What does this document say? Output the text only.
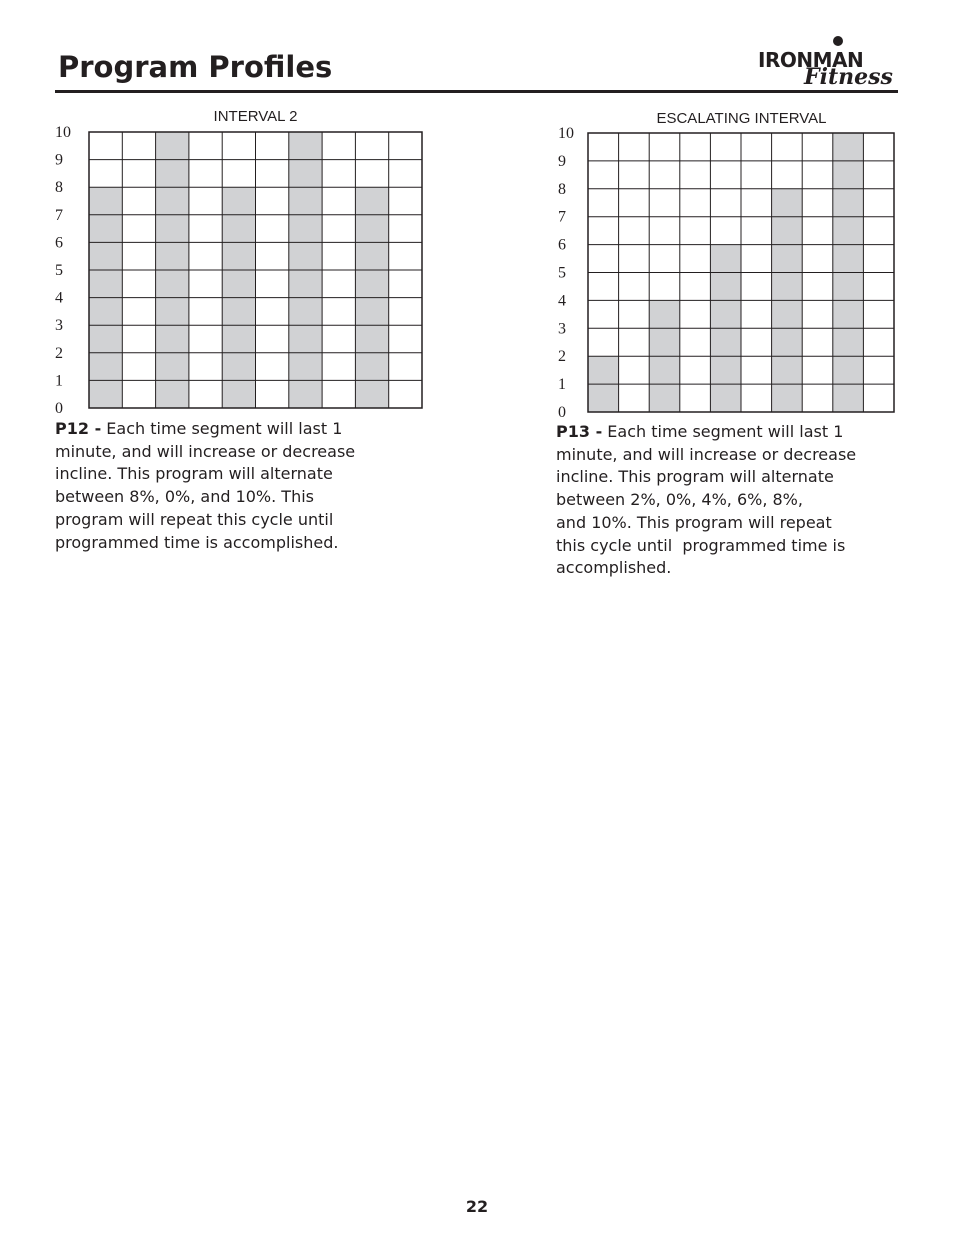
Program Profiles	IRONMAN
Fitness
INTERVAL 2
0
1
2
3
4
5
6
7
8
9
10

P12 - Each time segment will last 1
minute, and will increase or decrease
incline. This program will alternate
between 8%, 0%, and 10%. This
program will repeat this cycle until
programmed time is accomplished.

ESCALATING INTERVAL
0
1
2
3
4
5
6
7
8
9
10

P13 - Each time segment will last 1
minute, and will increase or decrease
incline. This program will alternate
between 2%, 0%, 4%, 6%, 8%,
and 10%. This program will repeat
this cycle until  programmed time is
accomplished.

22
